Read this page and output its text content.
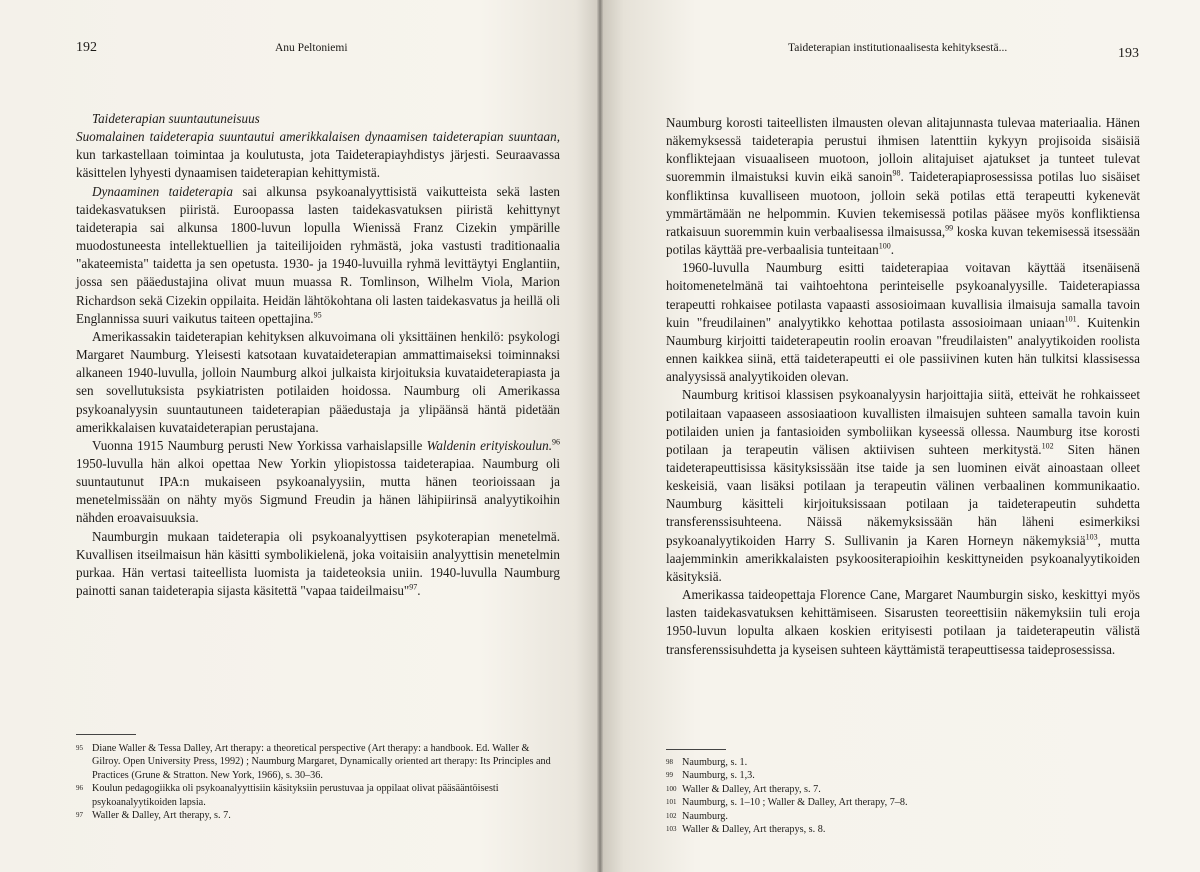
192	Anu Peltoniemi

Taideterapian suuntautuneisuus

Suomalainen taideterapia suuntautui amerikkalaisen dynaamisen taideterapian suuntaan, kun tarkastellaan toimintaa ja koulutusta, jota Taideterapiayhdistys järjesti. Seuraavassa käsittelen lyhyesti dynaamisen taideterapian kehittymistä.

Dynaaminen taideterapia sai alkunsa psykoanalyyttisistä vaikutteista sekä lasten taidekasvatuksen piiristä. Euroopassa lasten taidekasvatuksen piiristä kehittynyt taideterapia sai alkunsa 1800-luvun lopulla Wienissä Franz Cizekin ympärille muodostuneesta intellektuellien ja taiteilijoiden ryhmästä, joka vastusti traditionaalia "akateemista" taidetta ja sen opetusta. 1930- ja 1940-luvuilla ryhmä levittäytyi Englantiin, jossa sen pääedustajina olivat muun muassa R. Tomlinson, Wilhelm Viola, Marion Richardson sekä Cizekin oppilaita. Heidän lähtökohtana oli lasten taidekasvatus ja heillä oli Englannissa suuri vaikutus taiteen opettajina.$^{95}$

Amerikassakin taideterapian kehityksen alkuvoimana oli yksittäinen henkilö: psykologi Margaret Naumburg. Yleisesti katsotaan kuvataideterapian ammattimaiseksi toiminnaksi alkaneen 1940-luvulla, jolloin Naumburg alkoi julkaista kirjoituksia kuvataideterapiasta ja sen sovellutuksista psykiatristen potilaiden hoidossa. Naumburg oli Amerikassa psykoanalyysin suuntautuneen taideterapian pääedustaja ja ylipäänsä häntä pidetään amerikkalaisen kuvataideterapian perustajana.

Vuonna 1915 Naumburg perusti New Yorkissa varhaislapsille Waldenin erityiskoulun.$^{96}$ 1950-luvulla hän alkoi opettaa New Yorkin yliopistossa taideterapiaa. Naumburg oli suuntautunut IPA:n mukaiseen psykoanalyysiin, mutta hänen teorioissaan ja menetelmissään on nähty myös Sigmund Freudin ja hänen lähipiirinsä analyytikoihin nähden eroavaisuuksia.

Naumburgin mukaan taideterapia oli psykoanalyyttisen psykoterapian menetelmä. Kuvallisen itseilmaisun hän käsitti symbolikielenä, joka voitaisiin analyyttisin menetelmin purkaa. Hän vertasi taiteellista luomista ja taideteoksia uniin. 1940-luvulla Naumburg painotti sanan taideterapia sijasta käsitettä "vapaa taideilmaisu"$^{97}$.

95 Diane Waller & Tessa Dalley, Art therapy: a theoretical perspective (Art therapy: a handbook. Ed. Waller & Gilroy. Open University Press, 1992) ; Naumburg Margaret, Dynamically oriented art therapy: Its Principles and Practices (Grune & Stratton. New York, 1966), s. 30–36.
96 Koulun pedagogiikka oli psykoanalyyttisiin käsityksiin perustuvaa ja oppilaat olivat pääsääntöisesti psykoanalyytikoiden lapsia.
97 Waller & Dalley, Art therapy, s. 7.
Taideterapian institutionaalisesta kehityksestä...	193

Naumburg korosti taiteellisten ilmausten olevan alitajunnasta tulevaa materiaalia. Hänen näkemyksessä taideterapia perustui ihmisen latenttiin kykyyn projisoida sisäisiä konfliktejaan visuaaliseen muotoon, jolloin alitajuiset ajatukset ja tunteet tulevat suoremmin ilmaistuksi kuvin eikä sanoin$^{98}$. Taideterapiaprosessissa potilas luo sisäiset konfliktinsa kuvalliseen muotoon, jolloin sekä potilas että terapeutti kykenevät ymmärtämään ne helpommin. Kuvien tekemisessä potilas pääsee myös konfliktiensa ratkaisuun suoremmin kuin verbaalisessa ilmaisussa,$^{99}$ koska kuvan tekemisessä itsessään potilas käyttää pre-verbaalisia tunteitaan$^{100}$.

1960-luvulla Naumburg esitti taideterapiaa voitavan käyttää itsenäisenä hoitomenetelmänä tai vaihtoehtona perinteiselle psykoanalyysille. Taideterapiassa terapeutti rohkaisee potilasta vapaasti assosioimaan kuvallisia ilmaisuja samalla tavoin kuin "freudilainen" analyytikko kehottaa potilasta assosioimaan uniaan$^{101}$. Kuitenkin Naumburg kirjoitti taideterapeutin roolin eroavan "freudilaisten" analyytikoiden roolista ennen kaikkea siinä, että taideterapeutti ei ole passiivinen kuten hän tulkitsi klassisessa analyysissä analyytikoiden olevan.

Naumburg kritisoi klassisen psykoanalyysin harjoittajia siitä, etteivät he rohkaisseet potilaitaan vapaaseen assosiaatioon kuvallisten ilmaisujen suhteen samalla tavoin kuin potilaiden unien ja fantasioiden symboliikan kyseessä ollessa. Naumburg itse korosti potilaan ja terapeutin välisen aktiivisen suhteen merkitystä.$^{102}$ Siten hänen taideterapeuttisissa käsityksissään itse taide ja sen luominen eivät ainoastaan olleet keskeisiä, vaan lisäksi potilaan ja terapeutin välinen verbaalinen kommunikaatio. Naumburg käsitteli kirjoituksissaan potilaan ja taideterapeutin suhdetta transferenssisuhteena. Näissä näkemyksissään hän läheni esimerkiksi psykoanalyytikoiden Harry S. Sullivanin ja Karen Horneyn näkemyksiä$^{103}$, mutta laajemminkin amerikkalaisten psykoositerapioihin keskittyneiden psykoanalyytikoiden käsityksiä.

Amerikassa taideopettaja Florence Cane, Margaret Naumburgin sisko, keskittyi myös lasten taidekasvatuksen kehittämiseen. Sisarusten teoreettisiin näkemyksiin tuli eroja 1950-luvun lopulta alkaen koskien erityisesti potilaan ja taideterapeutin välistä transferenssisuhdetta ja kyseisen suhteen käyttämistä terapeuttisessa taideprosessissa.

98 Naumburg, s. 1.
99 Naumburg, s. 1,3.
100 Waller & Dalley, Art therapy, s. 7.
101 Naumburg, s. 1–10 ; Waller & Dalley, Art therapy, 7–8.
102 Naumburg.
103 Waller & Dalley, Art therapys, s. 8.
